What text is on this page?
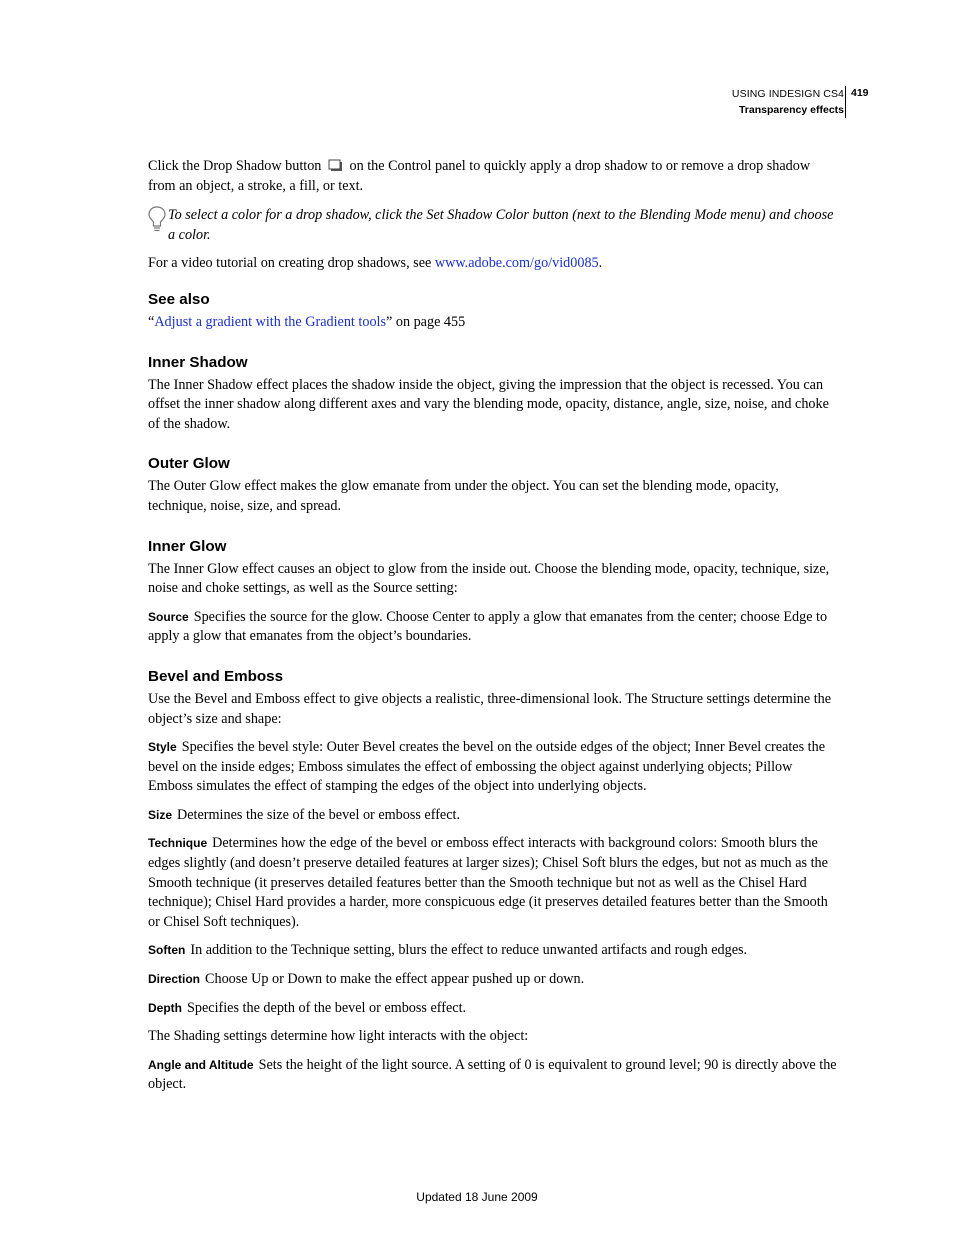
USING INDESIGN CS4
Transparency effects
419

Click the Drop Shadow button on the Control panel to quickly apply a drop shadow to or remove a drop shadow from an object, a stroke, a fill, or text.

To select a color for a drop shadow, click the Set Shadow Color button (next to the Blending Mode menu) and choose a color.

For a video tutorial on creating drop shadows, see www.adobe.com/go/vid0085.

See also

“Adjust a gradient with the Gradient tools” on page 455

Inner Shadow

The Inner Shadow effect places the shadow inside the object, giving the impression that the object is recessed. You can offset the inner shadow along different axes and vary the blending mode, opacity, distance, angle, size, noise, and choke of the shadow.

Outer Glow

The Outer Glow effect makes the glow emanate from under the object. You can set the blending mode, opacity, technique, noise, size, and spread.

Inner Glow

The Inner Glow effect causes an object to glow from the inside out. Choose the blending mode, opacity, technique, size, noise and choke settings, as well as the Source setting:

Source Specifies the source for the glow. Choose Center to apply a glow that emanates from the center; choose Edge to apply a glow that emanates from the object’s boundaries.

Bevel and Emboss

Use the Bevel and Emboss effect to give objects a realistic, three-dimensional look. The Structure settings determine the object’s size and shape:

Style Specifies the bevel style: Outer Bevel creates the bevel on the outside edges of the object; Inner Bevel creates the bevel on the inside edges; Emboss simulates the effect of embossing the object against underlying objects; Pillow Emboss simulates the effect of stamping the edges of the object into underlying objects.

Size Determines the size of the bevel or emboss effect.

Technique Determines how the edge of the bevel or emboss effect interacts with background colors: Smooth blurs the edges slightly (and doesn’t preserve detailed features at larger sizes); Chisel Soft blurs the edges, but not as much as the Smooth technique (it preserves detailed features better than the Smooth technique but not as well as the Chisel Hard technique); Chisel Hard provides a harder, more conspicuous edge (it preserves detailed features better than the Smooth or Chisel Soft techniques).

Soften In addition to the Technique setting, blurs the effect to reduce unwanted artifacts and rough edges.

Direction Choose Up or Down to make the effect appear pushed up or down.

Depth Specifies the depth of the bevel or emboss effect.

The Shading settings determine how light interacts with the object:

Angle and Altitude Sets the height of the light source. A setting of 0 is equivalent to ground level; 90 is directly above the object.

Updated 18 June 2009
